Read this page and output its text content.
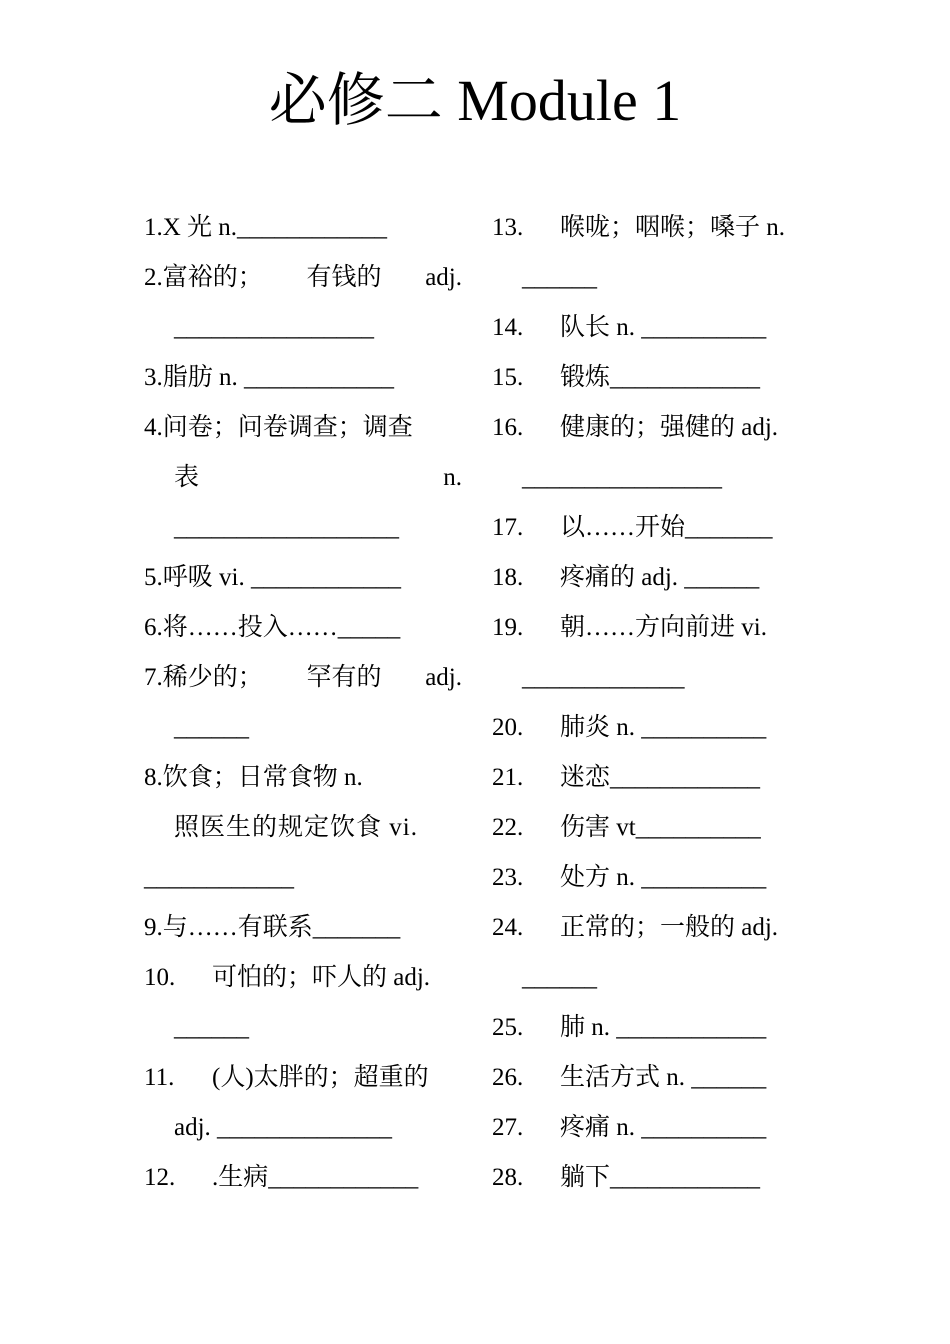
必修二 Module 1
1. X 光 n.____________
2. 富裕的； 有钱的 adj.
________________
3. 脂肪 n. ____________
4. 问卷；问卷调查；调查
表	n.
__________________
5. 呼吸 vi. ____________
6. 将……投入……_____
7. 稀少的； 罕有的 adj.
______
8. 饮食；日常食物 n.
照医生的规定饮食 vi.
____________
9. 与……有联系_______
10.	可怕的；吓人的 adj.
______
11.	(人)太胖的；超重的
adj. ______________
12.	.生病____________
13.	喉咙；咽喉；嗓子 n.
______
14.	队长 n. __________
15.	锻炼____________
16.	健康的；强健的 adj.
________________
17.	以……开始_______
18.	疼痛的 adj. ______
19.	朝……方向前进 vi.
_____________
20.	肺炎 n. __________
21.	迷恋____________
22.	伤害 vt__________
23.	处方 n. __________
24.	正常的；一般的 adj.
______
25.	肺 n. ____________
26.	生活方式 n. ______
27.	疼痛 n. __________
28.	躺下____________
